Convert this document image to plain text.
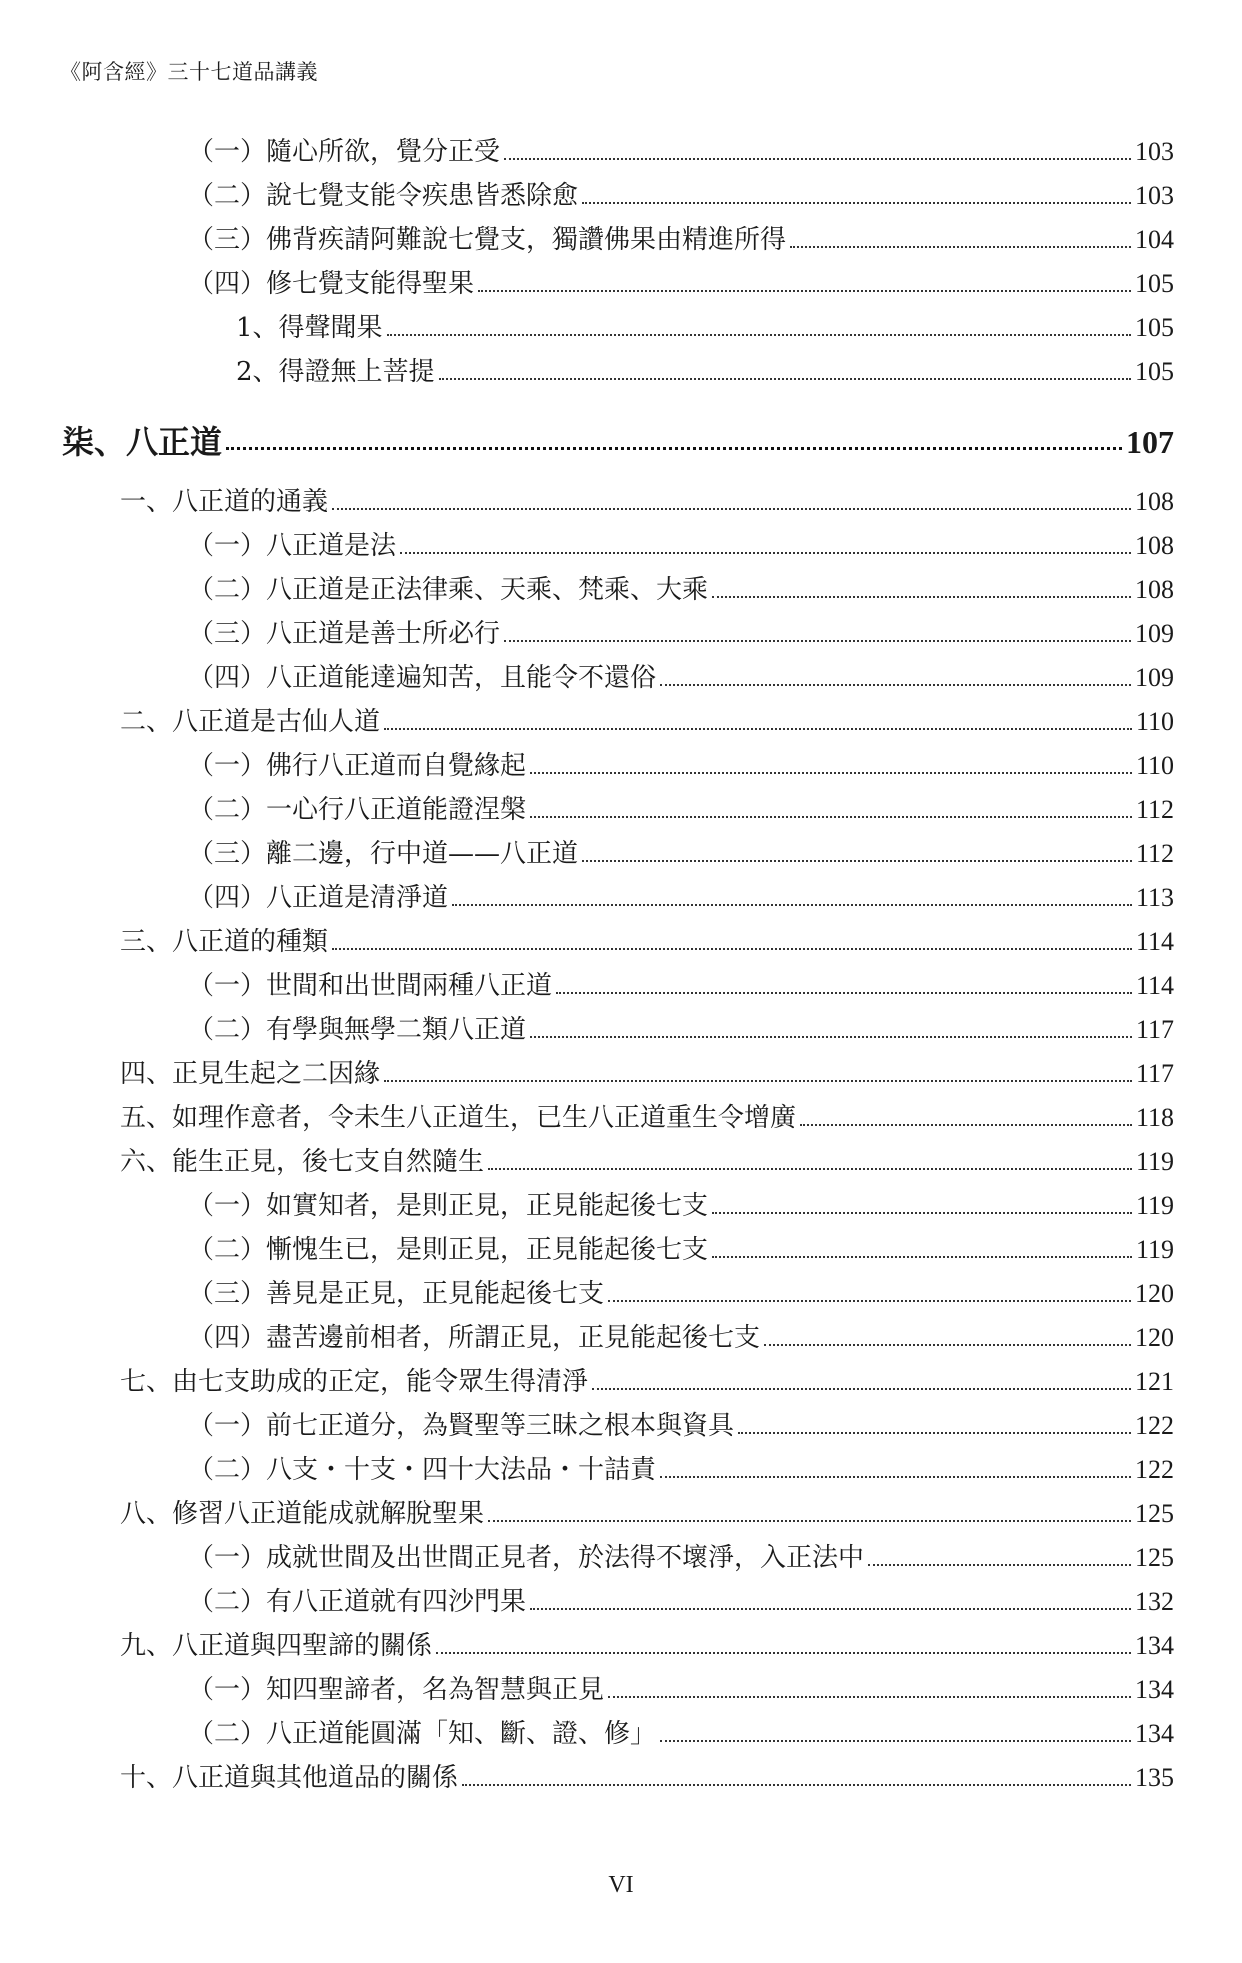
《阿含經》三十七道品講義
（一）隨心所欲，覺分正受	103
（二）說七覺支能令疾患皆悉除愈	103
（三）佛背疾請阿難說七覺支，獨讚佛果由精進所得	104
（四）修七覺支能得聖果	105
1、得聲聞果	105
2、得證無上菩提	105
柒、八正道	107
一、八正道的通義	108
（一）八正道是法	108
（二）八正道是正法律乘、天乘、梵乘、大乘	108
（三）八正道是善士所必行	109
（四）八正道能達遍知苦，且能令不還俗	109
二、八正道是古仙人道	110
（一）佛行八正道而自覺緣起	110
（二）一心行八正道能證涅槃	112
（三）離二邊，行中道——八正道	112
（四）八正道是清淨道	113
三、八正道的種類	114
（一）世間和出世間兩種八正道	114
（二）有學與無學二類八正道	117
四、正見生起之二因緣	117
五、如理作意者，令未生八正道生，已生八正道重生令增廣	118
六、能生正見，後七支自然隨生	119
（一）如實知者，是則正見，正見能起後七支	119
（二）慚愧生已，是則正見，正見能起後七支	119
（三）善見是正見，正見能起後七支	120
（四）盡苦邊前相者，所謂正見，正見能起後七支	120
七、由七支助成的正定，能令眾生得清淨	121
（一）前七正道分，為賢聖等三昧之根本與資具	122
（二）八支・十支・四十大法品・十詰責	122
八、修習八正道能成就解脫聖果	125
（一）成就世間及出世間正見者，於法得不壞淨，入正法中	125
（二）有八正道就有四沙門果	132
九、八正道與四聖諦的關係	134
（一）知四聖諦者，名為智慧與正見	134
（二）八正道能圓滿「知、斷、證、修」	134
十、八正道與其他道品的關係	135
VI
